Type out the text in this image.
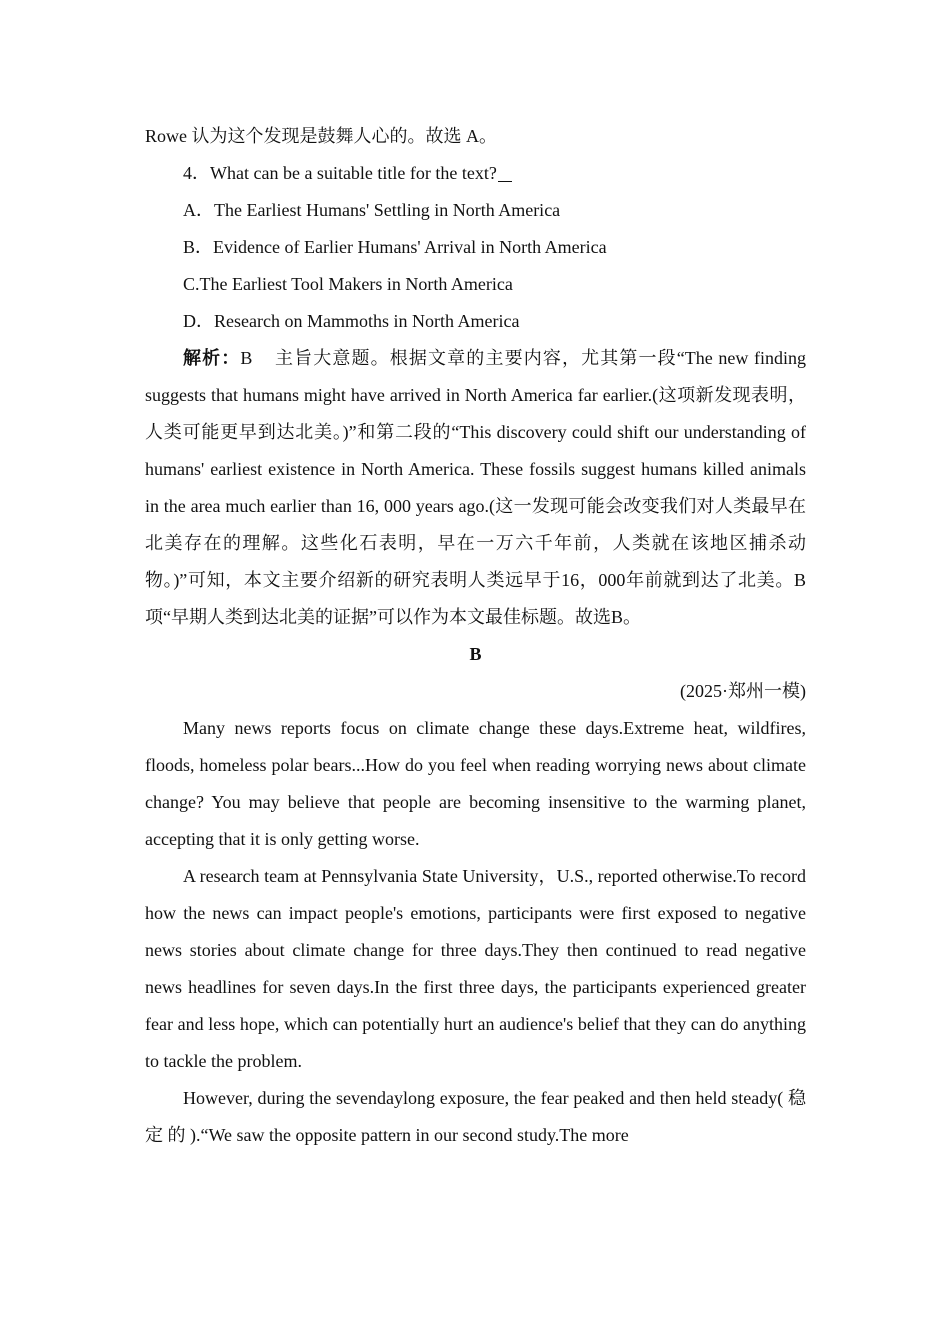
Rowe 认为这个发现是鼓舞人心的。故选 A。

4．What can be a suitable title for the text?

A．The Earliest Humans' Settling in North America

B．Evidence of Earlier Humans' Arrival in North America

C.The Earliest Tool Makers in North America

D．Research on Mammoths in North America

解析：B 主旨大意题。根据文章的主要内容，尤其第一段“The new finding suggests that humans might have arrived in North America far earlier.(这项新发现表明，人类可能更早到达北美。)”和第二段的“This discovery could shift our understanding of humans' earliest existence in North America. These fossils suggest humans killed animals in the area much earlier than 16, 000 years ago.(这一发现可能会改变我们对人类最早在北美存在的理解。这些化石表明，早在一万六千年前，人类就在该地区捕杀动物。)”可知，本文主要介绍新的研究表明人类远早于16，000年前就到达了北美。B项“早期人类到达北美的证据”可以作为本文最佳标题。故选B。

B

(2025·郑州一模)

Many news reports focus on climate change these days.Extreme heat, wildfires, floods, homeless polar bears...How do you feel when reading worrying news about climate change? You may believe that people are becoming insensitive to the warming planet, accepting that it is only getting worse.

A research team at Pennsylvania State University，U.S., reported otherwise.To record how the news can impact people's emotions, participants were first exposed to negative news stories about climate change for three days.They then continued to read negative news headlines for seven days.In the first three days, the participants experienced greater fear and less hope, which can potentially hurt an audience's belief that they can do anything to tackle the problem.

However, during the sevendaylong exposure, the fear peaked and then held steady( 稳 定 的 ).“We saw the opposite pattern in our second study.The more
